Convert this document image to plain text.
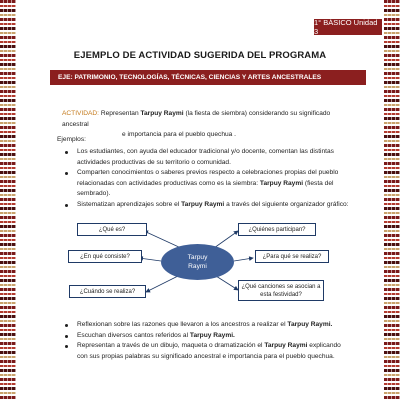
1° BÁSICO Unidad 3
EJEMPLO DE ACTIVIDAD SUGERIDA DEL PROGRAMA
EJE: PATRIMONIO, TECNOLOGÍAS, TÉCNICAS, CIENCIAS Y ARTES ANCESTRALES
ACTIVIDAD: Representan Tarpuy Raymi (la fiesta de siembra) considerando su significado ancestral
e importancia para el pueblo quechua .
Ejemplos:
Los estudiantes, con ayuda del educador tradicional y/o docente, comentan las distintas actividades productivas de su territorio o comunidad.
Comparten conocimientos o saberes previos respecto a celebraciones propias del pueblo relacionadas con actividades productivas como es la siembra: Tarpuy Raymi (fiesta del sembrado).
Sistematizan aprendizajes sobre el Tarpuy Raymi a través del siguiente organizador gráfico:
¿Qué es?	¿Quiénes participan?
¿En qué consiste?	¿Para qué se realiza?
¿Cuándo se realiza?
¿Qué canciones se asocian a esta festividad?
Tarpuy Raymi
Reflexionan sobre las razones que llevaron a los ancestros a realizar el Tarpuy Raymi.
Escuchan diversos cantos referidos al Tarpuy Raymi.
Representan a través de un dibujo, maqueta o dramatización el Tarpuy Raymi explicando con sus propias palabras su significado ancestral e importancia para el pueblo quechua.
